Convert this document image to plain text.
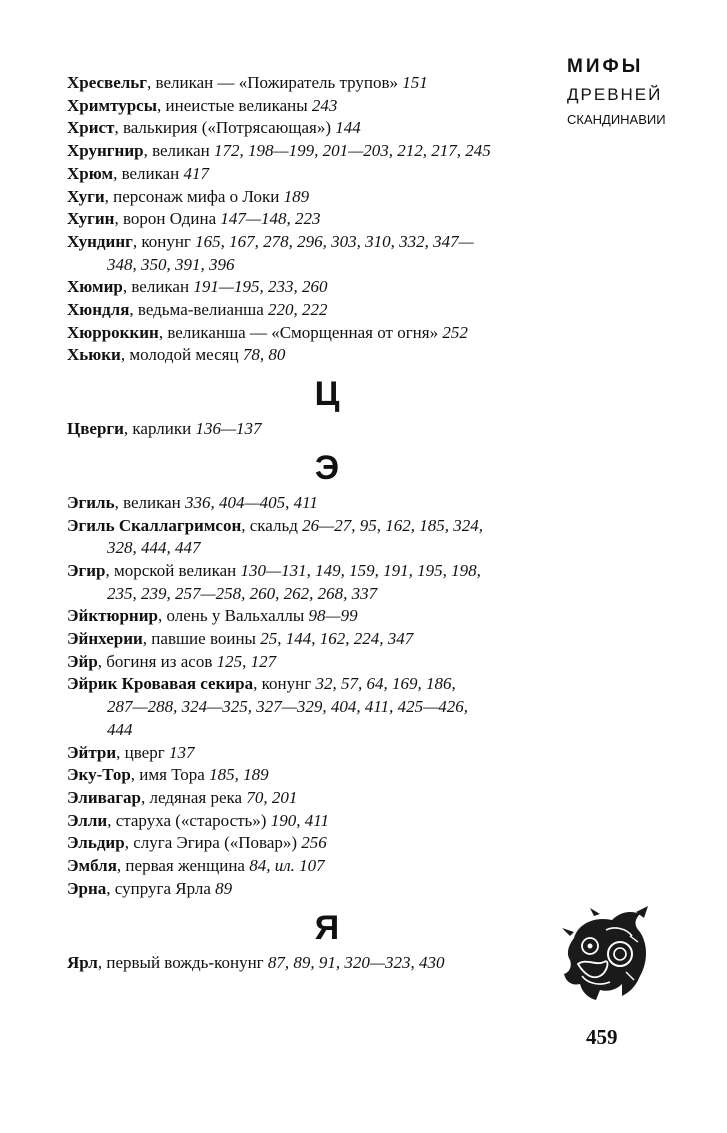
МИФЫ
ДРЕВНЕЙ
СКАНДИНАВИИ
Хресвельг, великан — «Пожиратель трупов» 151
Хримтурсы, инеистые великаны 243
Христ, валькирия («Потрясающая») 144
Хрунгнир, великан 172, 198—199, 201—203, 212, 217, 245
Хрюм, великан 417
Хуги, персонаж мифа о Локи 189
Хугин, ворон Одина 147—148, 223
Хундинг, конунг 165, 167, 278, 296, 303, 310, 332, 347—
348, 350, 391, 396
Хюмир, великан 191—195, 233, 260
Хюндля, ведьма-велианша 220, 222
Хюрроккин, великанша — «Сморщенная от огня» 252
Хьюки, молодой месяц 78, 80
Ц
Цверги, карлики 136—137
Э
Эгиль, великан 336, 404—405, 411
Эгиль Скаллагримсон, скальд 26—27, 95, 162, 185, 324,
328, 444, 447
Эгир, морской великан 130—131, 149, 159, 191, 195, 198,
235, 239, 257—258, 260, 262, 268, 337
Эйктюрнир, олень у Вальхаллы 98—99
Эйнхерии, павшие воины 25, 144, 162, 224, 347
Эйр, богиня из асов 125, 127
Эйрик Кровавая секира, конунг 32, 57, 64, 169, 186,
287—288, 324—325, 327—329, 404, 411, 425—426,
444
Эйтри, цверг 137
Эку-Тор, имя Тора 185, 189
Эливагар, ледяная река 70, 201
Элли, старуха («старость») 190, 411
Эльдир, слуга Эгира («Повар») 256
Эмбля, первая женщина 84, ил. 107
Эрна, супруга Ярла 89
Я
Ярл, первый вождь-конунг 87, 89, 91, 320—323, 430
459
